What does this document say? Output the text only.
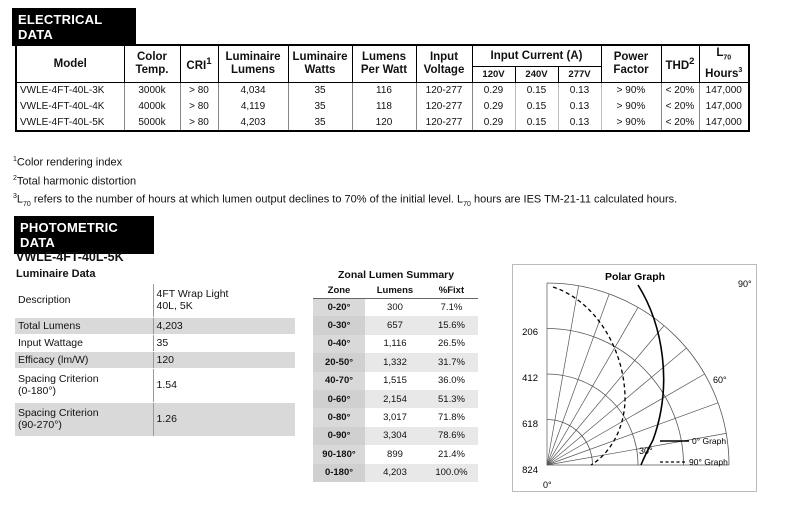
ELECTRICAL DATA
Model	Color Temp.	CRI$^1$	Luminaire Lumens	Luminaire Watts	Lumens Per Watt	Input Voltage	Input Current (A)			Power Factor	THD$^2$	$L_{70}$
Hours$^3$
							120V	240V	277V			
VWLE-4FT-40L-3K	3000k	> 80	4,034	35	116	120-277	0.29	0.15	0.13	> 90%	< 20%	147,000
VWLE-4FT-40L-4K	4000k	> 80	4,119	35	118	120-277	0.29	0.15	0.13	> 90%	< 20%	147,000
VWLE-4FT-40L-5K	5000k	> 80	4,203	35	120	120-277	0.29	0.15	0.13	> 90%	< 20%	147,000
$^1$Color rendering index
$^2$Total harmonic distortion
$^3L_{70}$ refers to the number of hours at which lumen output declines to 70% of the initial level. $L_{70}$ hours are IES TM-21-11 calculated hours.
PHOTOMETRIC DATA
VWLE-4FT-40L-5K
Luminaire Data
Description	4FT Wrap Light
40L, 5K

Total Lumens	4,203
Input Wattage	35
Efficacy (lm/W)	120

Spacing Criterion
(0-180°)	1.54

Spacing Criterion
(90-270°)	1.26
Zonal Lumen Summary
Zone	Lumens	%Fixt
0-20°	300	7.1%
0-30°	657	15.6%
0-40°	1,116	26.5%
20-50°	1,332	31.7%
40-70°	1,515	36.0%
0-60°	2,154	51.3%
0-80°	3,017	71.8%
0-90°	3,304	78.6%
90-180°	899	21.4%
0-180°	4,203	100.0%
Polar Graph
206
412
618
824
90°
60°
30°
0°
0° Graph
90° Graph
